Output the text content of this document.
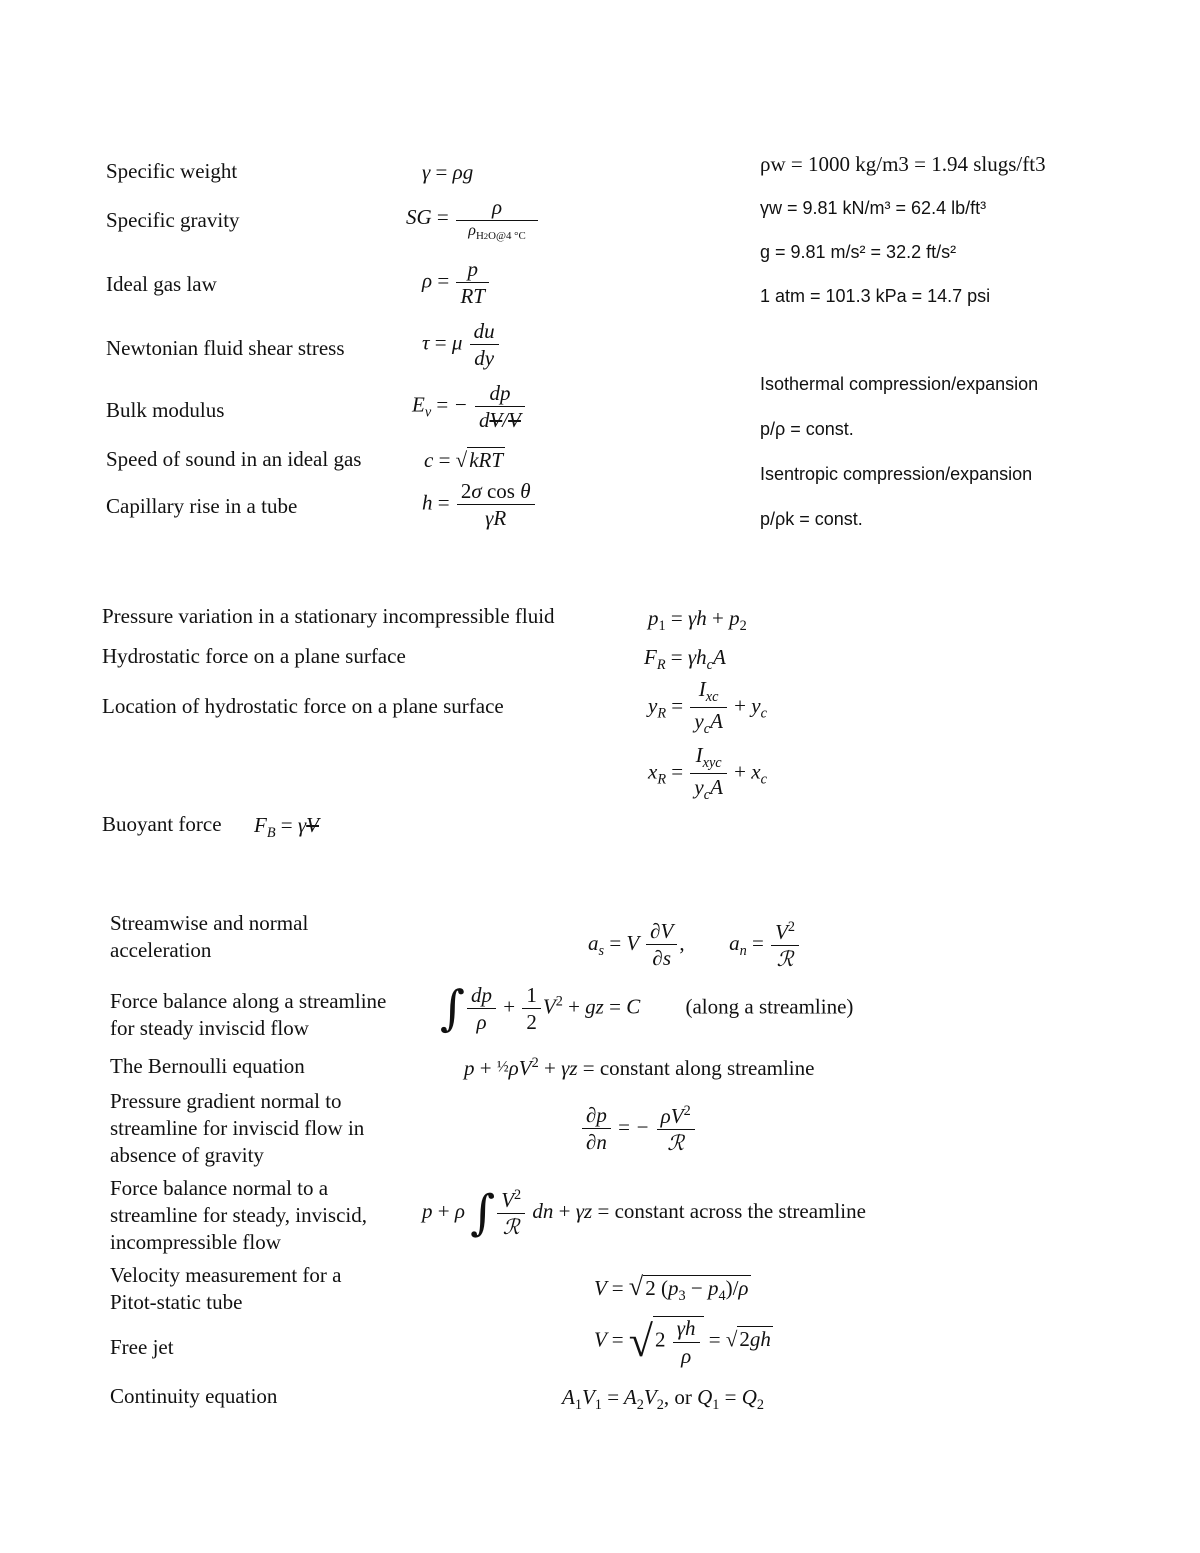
Specific weight
Specific gravity
Ideal gas law
Newtonian fluid shear stress
Bulk modulus
Speed of sound in an ideal gas
Capillary rise in a tube
γ = ρg
SG = $\frac{\rho}{\rho_{H2O@4 ^\circ C}}$
$\rho = \frac{p}{RT}$
τ = μ $\frac{du}{dy}$
$E_v$ = − $\frac{dp}{dV/V}$
c = √kRT
$h = \frac{\text{2σ cos θ}}{\gamma R}$
ρw = 1000 kg/m3 = 1.94 slugs/ft3
γw = 9.81 kN/m³ = 62.4 lb/ft³
g = 9.81 m/s² = 32.2 ft/s²
1 atm = 101.3 kPa = 14.7 psi
Isothermal compression/expansion
p/ρ = const.
Isentropic compression/expansion
p/ρk = const.
Pressure variation in a stationary incompressible fluid
Hydrostatic force on a plane surface
Location of hydrostatic force on a plane surface
Buoyant force
$p_1 = \gamma h + p_2$
$F_R = \gamma h_cA$
$y_R = \frac{I_{xc}}{y_cA} + y_c$
$x_R = \frac{I_{xyc}}{y_cA} + x_c$
$F_B = \gamma V$
Streamwise and normal
acceleration
Force balance along a streamline
for steady inviscid flow
The Bernoulli equation
Pressure gradient normal to
streamline for inviscid flow in
absence of gravity
Force balance normal to a
streamline for steady, inviscid,
incompressible flow
Velocity measurement for a
Pitot-static tube
Free jet
Continuity equation
$a_s = V \frac{\partial V}{\partial s}$ ,  $a_n = \frac{V^2}{\text{ℛ}}$
∫ $\frac{dp}{\rho} + \frac{1}{2} V^2$ + gz = C (along a streamline)
$p + \frac{1}{2}\rho V^2 + \gamma z$ = constant along streamline
$\frac{\partial p}{\partial n}$ = − $\frac{\rho V^2}{\text{ℛ}}$
p + ρ ∫ $\frac{V^2}{\text{ℛ}}$ dn + γz = constant across the streamline
V = √2 $(p_3 - p_4)/\rho$
$V = √2 \frac{\gamma h}{\rho} = √2gh$
$A_1V_1 = A_2V_2$, or $Q_1 = Q_2$
